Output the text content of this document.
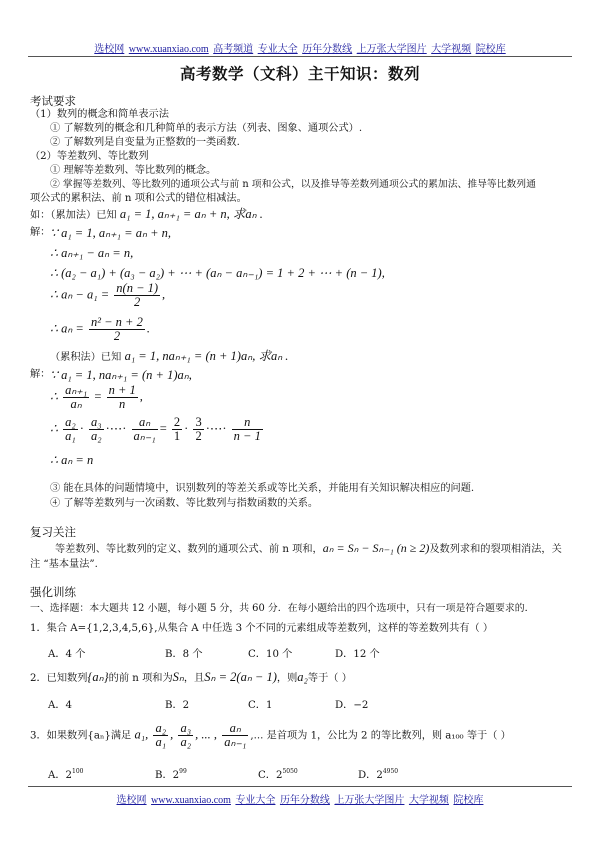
选校网 www.xuanxiao.com 高考频道 专业大全 历年分数线 上万张大学图片 大学视频 院校库
高考数学（文科）主干知识：数列
考试要求
（1）数列的概念和简单表示法
① 了解数列的概念和几种简单的表示方法（列表、图象、通项公式）.
② 了解数列是自变量为正整数的一类函数.
（2）等差数列、等比数列
① 理解等差数列、等比数列的概念。
② 掌握等差数列、等比数列的通项公式与前 n 项和公式，以及推导等差数列通项公式的累加法、推导等比数列通
项公式的累积法、前 n 项和公式的错位相减法。
如：（累加法）已知 a₁ = 1, aₙ₊₁ = aₙ + n, 求aₙ .
解： ∵ a₁ = 1, aₙ₊₁ = aₙ + n,
∴ aₙ₊₁ − aₙ = n,
∴ (a₂ − a₁) + (a₃ − a₂) + ⋯ + (aₙ − aₙ₋₁) = 1 + 2 + ⋯ + (n − 1),
∴ $a_n - a_1 = \frac{n(n - 1)}{2}$ ,
∴ $a_n = \frac{\text{n² − n + 2}}{2}$ .
（累积法）已知 a₁ = 1, naₙ₊₁ = (n + 1)aₙ, 求aₙ .
解： ∵ a₁ = 1, naₙ₊₁ = (n + 1)aₙ,
∴ $\frac{\text{aₙ₊₁}}{\text{aₙ}} = \frac{n + 1}{n}$ ,
∴ $\frac{\text{a₂}}{\text{a₁}} \cdot \frac{\text{a₃}}{\text{a₂}}$ ·⋯· $\frac{\text{aₙ}}{\text{aₙ₋₁}} = \frac{2}{1} \cdot \frac{3}{2}$ ·⋯· $\frac{n}{n - 1}$
∴ aₙ = n
③ 能在具体的问题情境中，识别数列的等差关系或等比关系，并能用有关知识解决相应的问题.
④ 了解等差数列与一次函数、等比数列与指数函数的关系。
复习关注
等差数列、等比数列的定义、数列的通项公式、前 n 项和，aₙ = Sₙ − Sₙ₋₁ (n ≥ 2)及数列求和的裂项相消法，关
注 “基本量法”.
强化训练
一、选择题：本大题共 12 小题，每小题 5 分，共 60 分．在每小题给出的四个选项中，只有一项是符合题要求的．
1．集合 A={1,2,3,4,5,6},从集合 A 中任选 3 个不同的元素组成等差数列，这样的等差数列共有（ ）
A．4 个	B．8 个	C．10 个	D．12 个
2．已知数列{aₙ}的前 n 项和为Sₙ，且Sₙ = 2(aₙ − 1)，则a₂等于（ ）
A．4	B．2	C．1	D．−2
3．如果数列{aₙ}满足 a₁, $\frac{\text{a₂}}{\text{a₁}}$ , $\frac{\text{a₃}}{\text{a₂}}$ , ... , $\frac{\text{aₙ}}{\text{aₙ₋₁}}$ ,... 是首项为 1，公比为 2 的等比数列，则 a₁₀₀ 等于（ ）
A．$2^{100}$	B．$2^{99}$	C．$2^{5050}$	D．$2^{4950}$
选校网 www.xuanxiao.com 专业大全 历年分数线 上万张大学图片 大学视频 院校库
